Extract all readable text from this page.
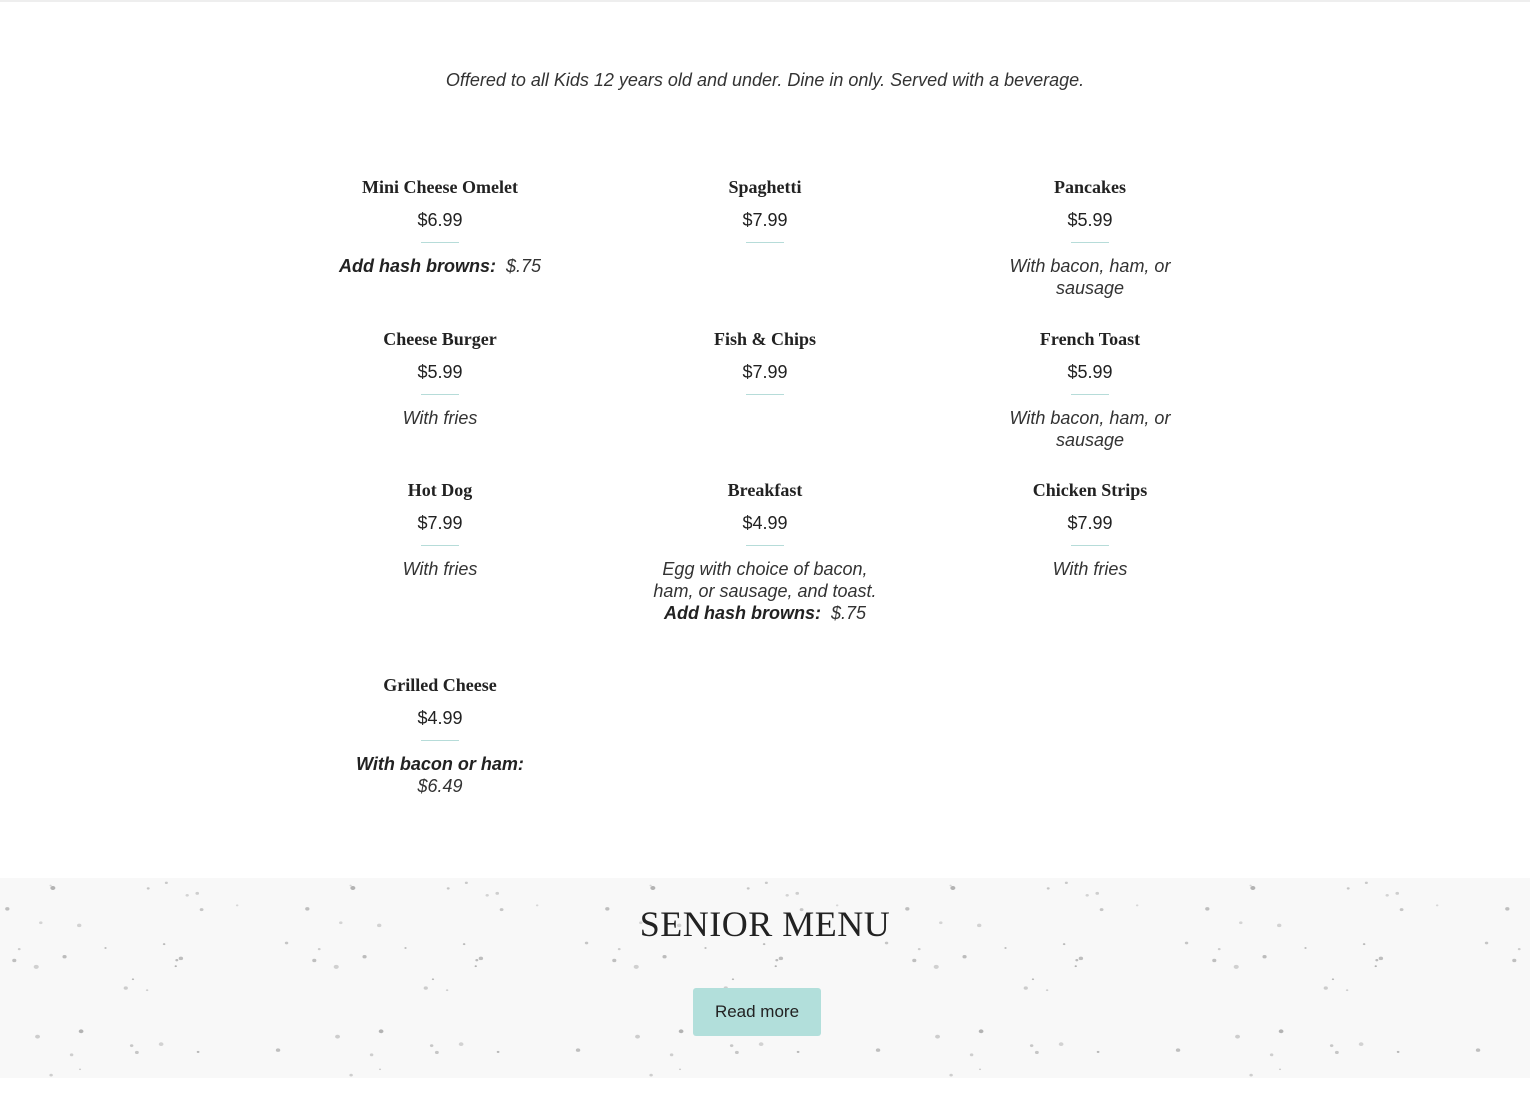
Offered to all Kids 12 years old and under. Dine in only. Served with a beverage.

Mini Cheese Omelet
$6.99
Add hash browns:  $.75
Spaghetti
$7.99
Pancakes
$5.99
With bacon, ham, or sausage
Cheese Burger
$5.99
With fries
Fish & Chips
$7.99
French Toast
$5.99
With bacon, ham, or sausage
Hot Dog
$7.99
With fries
Breakfast
$4.99
Egg with choice of bacon, ham, or sausage, and toast.
Add hash browns:  $.75
Chicken Strips
$7.99
With fries
Grilled Cheese
$4.99
With bacon or ham: $6.49
SENIOR MENU
Read more
